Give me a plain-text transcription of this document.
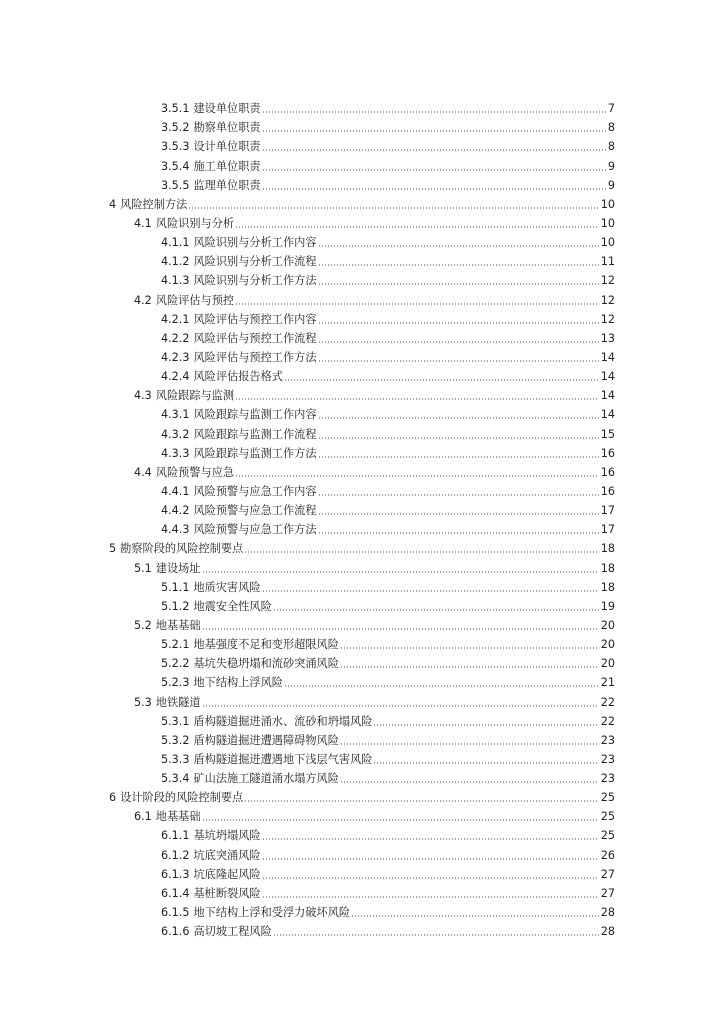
3.5.1 建设单位职责	7
3.5.2 勘察单位职责	8
3.5.3 设计单位职责	8
3.5.4 施工单位职责	9
3.5.5 监理单位职责	9
4 风险控制方法	10
4.1 风险识别与分析	10
4.1.1 风险识别与分析工作内容	10
4.1.2 风险识别与分析工作流程	11
4.1.3 风险识别与分析工作方法	12
4.2 风险评估与预控	12
4.2.1 风险评估与预控工作内容	12
4.2.2 风险评估与预控工作流程	13
4.2.3 风险评估与预控工作方法	14
4.2.4 风险评估报告格式	14
4.3 风险跟踪与监测	14
4.3.1 风险跟踪与监测工作内容	14
4.3.2 风险跟踪与监测工作流程	15
4.3.3 风险跟踪与监测工作方法	16
4.4 风险预警与应急	16
4.4.1 风险预警与应急工作内容	16
4.4.2 风险预警与应急工作流程	17
4.4.3 风险预警与应急工作方法	17
5 勘察阶段的风险控制要点	18
5.1 建设场址	18
5.1.1 地质灾害风险	18
5.1.2 地震安全性风险	19
5.2 地基基础	20
5.2.1 地基强度不足和变形超限风险	20
5.2.2 基坑失稳坍塌和流砂突涌风险	20
5.2.3 地下结构上浮风险	21
5.3 地铁隧道	22
5.3.1 盾构隧道掘进涌水、流砂和坍塌风险	22
5.3.2 盾构隧道掘进遭遇障碍物风险	23
5.3.3 盾构隧道掘进遭遇地下浅层气害风险	23
5.3.4 矿山法施工隧道涌水塌方风险	23
6 设计阶段的风险控制要点	25
6.1 地基基础	25
6.1.1 基坑坍塌风险	25
6.1.2 坑底突涌风险	26
6.1.3 坑底隆起风险	27
6.1.4 基桩断裂风险	27
6.1.5 地下结构上浮和受浮力破坏风险	28
6.1.6 高切坡工程风险	28
